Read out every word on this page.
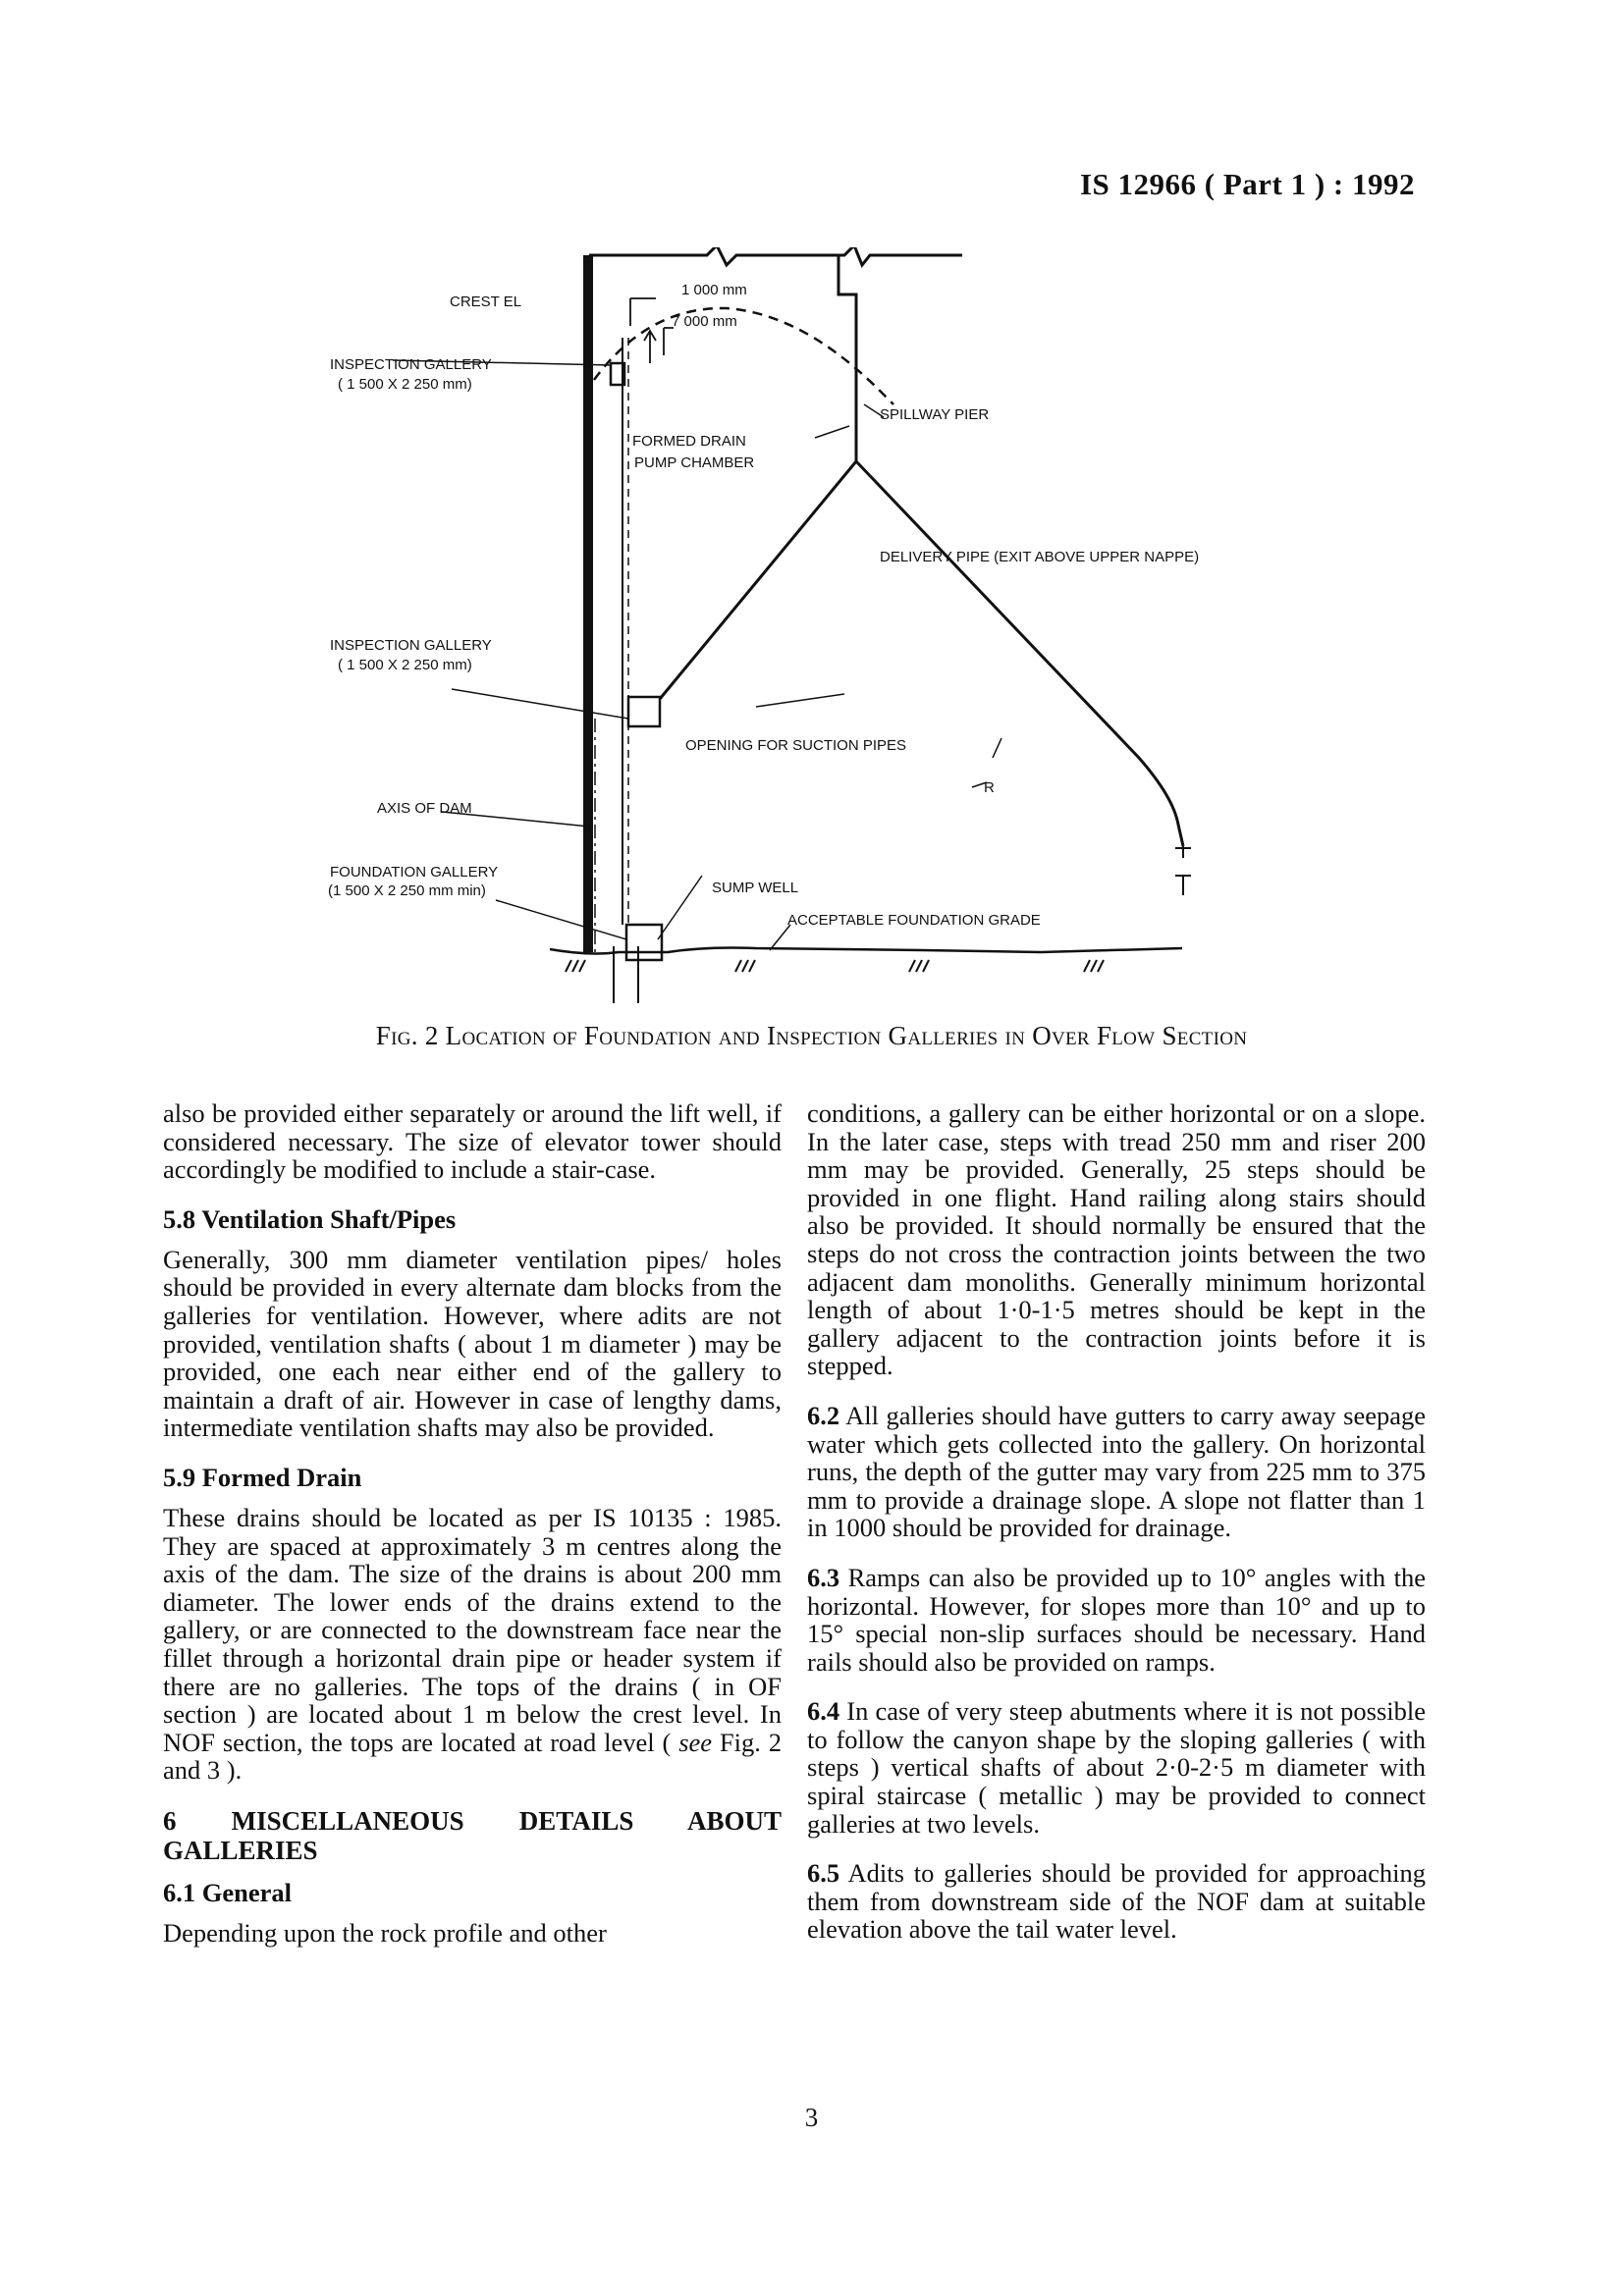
IS 12966 ( Part 1 ) : 1992
CREST EL
1 000 mm
7 000 mm
INSPECTION GALLERY
( 1 500 X 2 250 mm)
SPILLWAY PIER
FORMED DRAIN
PUMP CHAMBER
DELIVERY PIPE (EXIT ABOVE UPPER NAPPE)
INSPECTION GALLERY
( 1 500 X 2 250 mm)
OPENING FOR SUCTION PIPES
AXIS OF DAM
FOUNDATION GALLERY
(1 500 X 2 250 mm min)	SUMP WELL
ACCEPTABLE FOUNDATION GRADE
R
Fig. 2 Location of Foundation and Inspection Galleries in Over Flow Section

also be provided either separately or around the lift well, if considered necessary. The size of elevator tower should accordingly be modified to include a stair-case.

5.8 Ventilation Shaft/Pipes

Generally, 300 mm diameter ventilation pipes/ holes should be provided in every alternate dam blocks from the galleries for ventilation. However, where adits are not provided, ventilation shafts ( about 1 m diameter ) may be provided, one each near either end of the gallery to maintain a draft of air. However in case of lengthy dams, intermediate ventilation shafts may also be provided.

5.9 Formed Drain

These drains should be located as per IS 10135 : 1985. They are spaced at approximately 3 m centres along the axis of the dam. The size of the drains is about 200 mm diameter. The lower ends of the drains extend to the gallery, or are connected to the downstream face near the fillet through a horizontal drain pipe or header system if there are no galleries. The tops of the drains ( in OF section ) are located about 1 m below the crest level. In NOF section, the tops are located at road level ( see Fig. 2 and 3 ).

6 MISCELLANEOUS DETAILS ABOUT GALLERIES
6.1 General

Depending upon the rock profile and other

conditions, a gallery can be either horizontal or on a slope. In the later case, steps with tread 250 mm and riser 200 mm may be provided. Generally, 25 steps should be provided in one flight. Hand railing along stairs should also be provided. It should normally be ensured that the steps do not cross the contraction joints between the two adjacent dam monoliths. Generally minimum horizontal length of about 1·0-1·5 metres should be kept in the gallery adjacent to the contraction joints before it is stepped.

6.2 All galleries should have gutters to carry away seepage water which gets collected into the gallery. On horizontal runs, the depth of the gutter may vary from 225 mm to 375 mm to provide a drainage slope. A slope not flatter than 1 in 1000 should be provided for drainage.

6.3 Ramps can also be provided up to 10° angles with the horizontal. However, for slopes more than 10° and up to 15° special non-slip surfaces should be necessary. Hand rails should also be provided on ramps.

6.4 In case of very steep abutments where it is not possible to follow the canyon shape by the sloping galleries ( with steps ) vertical shafts of about 2·0-2·5 m diameter with spiral staircase ( metallic ) may be provided to connect galleries at two levels.

6.5 Adits to galleries should be provided for approaching them from downstream side of the NOF dam at suitable elevation above the tail water level.

3
